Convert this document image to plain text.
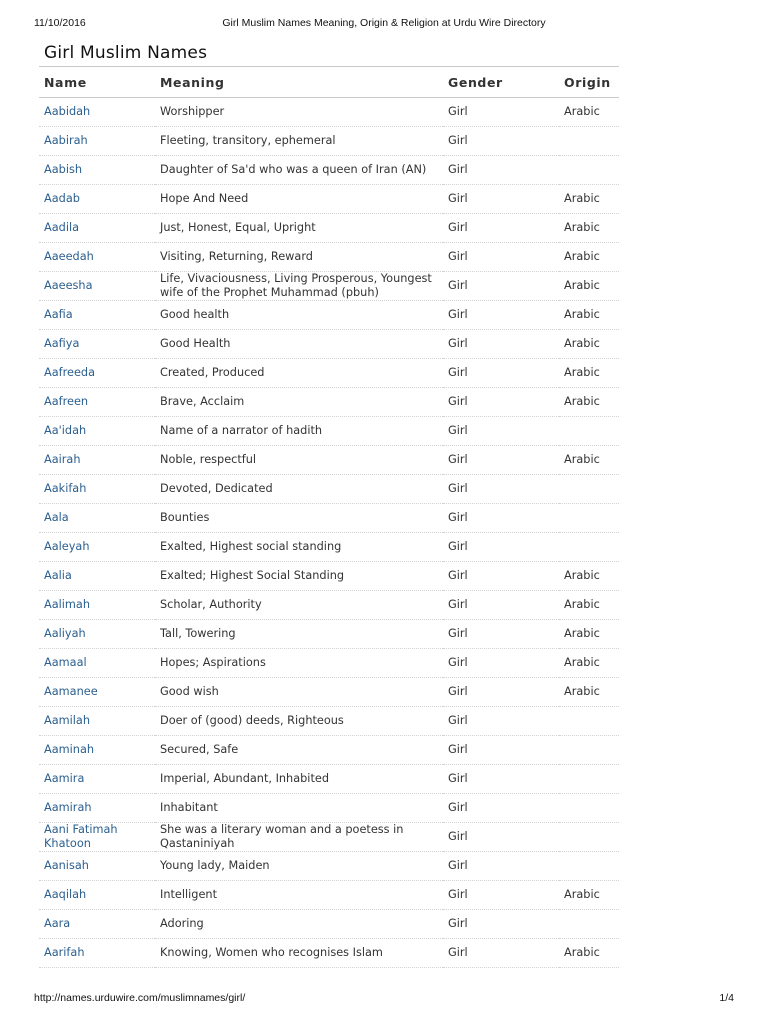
11/10/2016	Girl Muslim Names Meaning, Origin & Religion at Urdu Wire Directory
Girl Muslim Names
Name	Meaning	Gender	Origin
Aabidah	Worshipper	Girl	Arabic
Aabirah	Fleeting, transitory, ephemeral	Girl	
Aabish	Daughter of Sa'd who was a queen of Iran (AN)	Girl	
Aadab	Hope And Need	Girl	Arabic
Aadila	Just, Honest, Equal, Upright	Girl	Arabic
Aaeedah	Visiting, Returning, Reward	Girl	Arabic
Aaeesha	Life, Vivaciousness, Living Prosperous, Youngest wife of the Prophet Muhammad (pbuh)	Girl	Arabic
Aafia	Good health	Girl	Arabic
Aafiya	Good Health	Girl	Arabic
Aafreeda	Created, Produced	Girl	Arabic
Aafreen	Brave, Acclaim	Girl	Arabic
Aa'idah	Name of a narrator of hadith	Girl	
Aairah	Noble, respectful	Girl	Arabic
Aakifah	Devoted, Dedicated	Girl	
Aala	Bounties	Girl	
Aaleyah	Exalted, Highest social standing	Girl	
Aalia	Exalted; Highest Social Standing	Girl	Arabic
Aalimah	Scholar, Authority	Girl	Arabic
Aaliyah	Tall, Towering	Girl	Arabic
Aamaal	Hopes; Aspirations	Girl	Arabic
Aamanee	Good wish	Girl	Arabic
Aamilah	Doer of (good) deeds, Righteous	Girl	
Aaminah	Secured, Safe	Girl	
Aamira	Imperial, Abundant, Inhabited	Girl	
Aamirah	Inhabitant	Girl	
Aani Fatimah Khatoon	She was a literary woman and a poetess in Qastaniniyah	Girl	
Aanisah	Young lady, Maiden	Girl	
Aaqilah	Intelligent	Girl	Arabic
Aara	Adoring	Girl	
Aarifah	Knowing, Women who recognises Islam	Girl	Arabic
http://names.urduwire.com/muslimnames/girl/	1/4
